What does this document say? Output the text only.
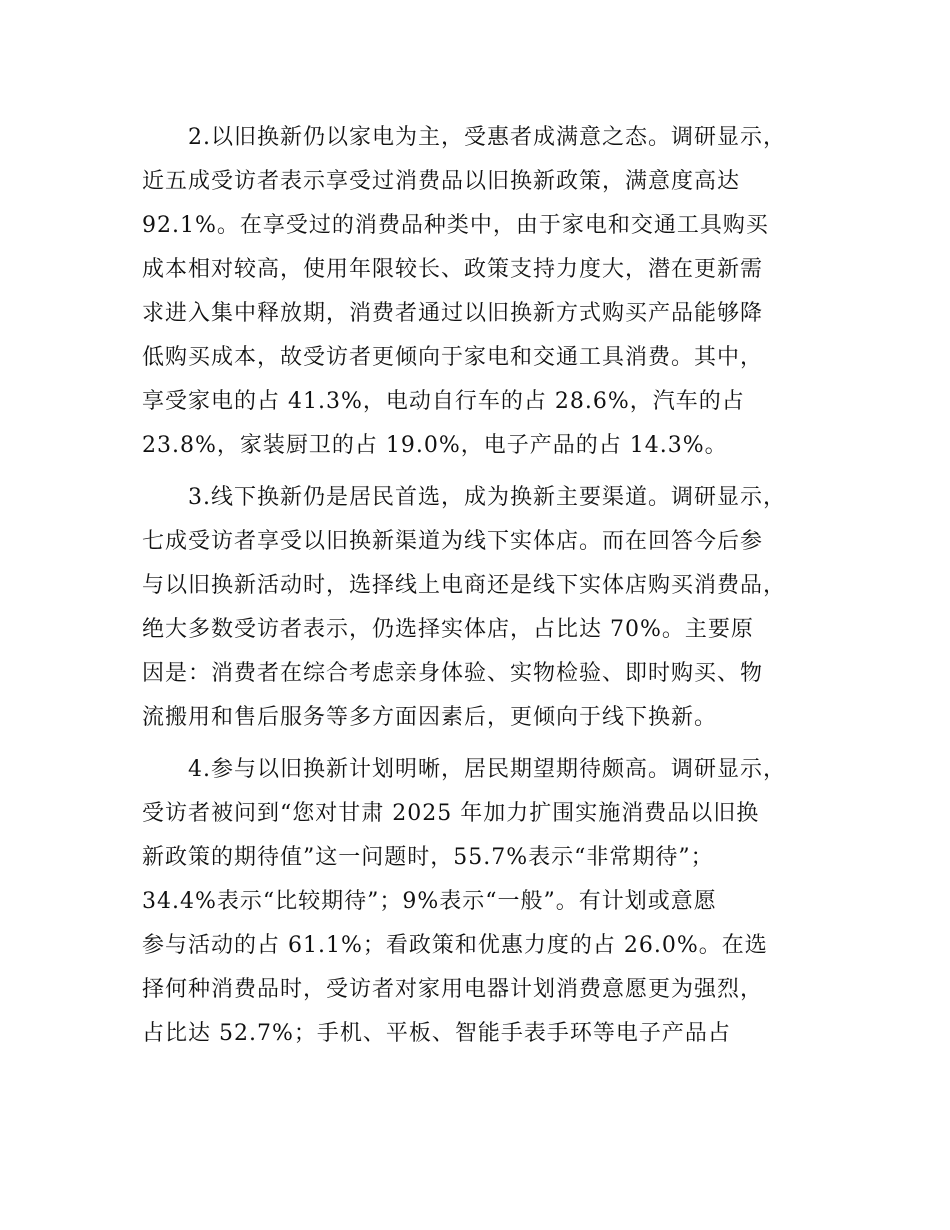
2.以旧换新仍以家电为主，受惠者成满意之态。调研显示，
近五成受访者表示享受过消费品以旧换新政策，满意度高达
92.1%。在享受过的消费品种类中，由于家电和交通工具购买
成本相对较高，使用年限较长、政策支持力度大，潜在更新需
求进入集中释放期，消费者通过以旧换新方式购买产品能够降
低购买成本，故受访者更倾向于家电和交通工具消费。其中，
享受家电的占 41.3%，电动自行车的占 28.6%，汽车的占
23.8%，家装厨卫的占 19.0%，电子产品的占 14.3%。
3.线下换新仍是居民首选，成为换新主要渠道。调研显示，
七成受访者享受以旧换新渠道为线下实体店。而在回答今后参
与以旧换新活动时，选择线上电商还是线下实体店购买消费品，
绝大多数受访者表示，仍选择实体店，占比达 70%。主要原
因是：消费者在综合考虑亲身体验、实物检验、即时购买、物
流搬用和售后服务等多方面因素后，更倾向于线下换新。
4.参与以旧换新计划明晰，居民期望期待颇高。调研显示，
受访者被问到“您对甘肃 2025 年加力扩围实施消费品以旧换
新政策的期待值”这一问题时，55.7%表示“非常期待”；
34.4%表示“比较期待”；9%表示“一般”。有计划或意愿
参与活动的占 61.1%；看政策和优惠力度的占 26.0%。在选
择何种消费品时，受访者对家用电器计划消费意愿更为强烈，
占比达 52.7%；手机、平板、智能手表手环等电子产品占
